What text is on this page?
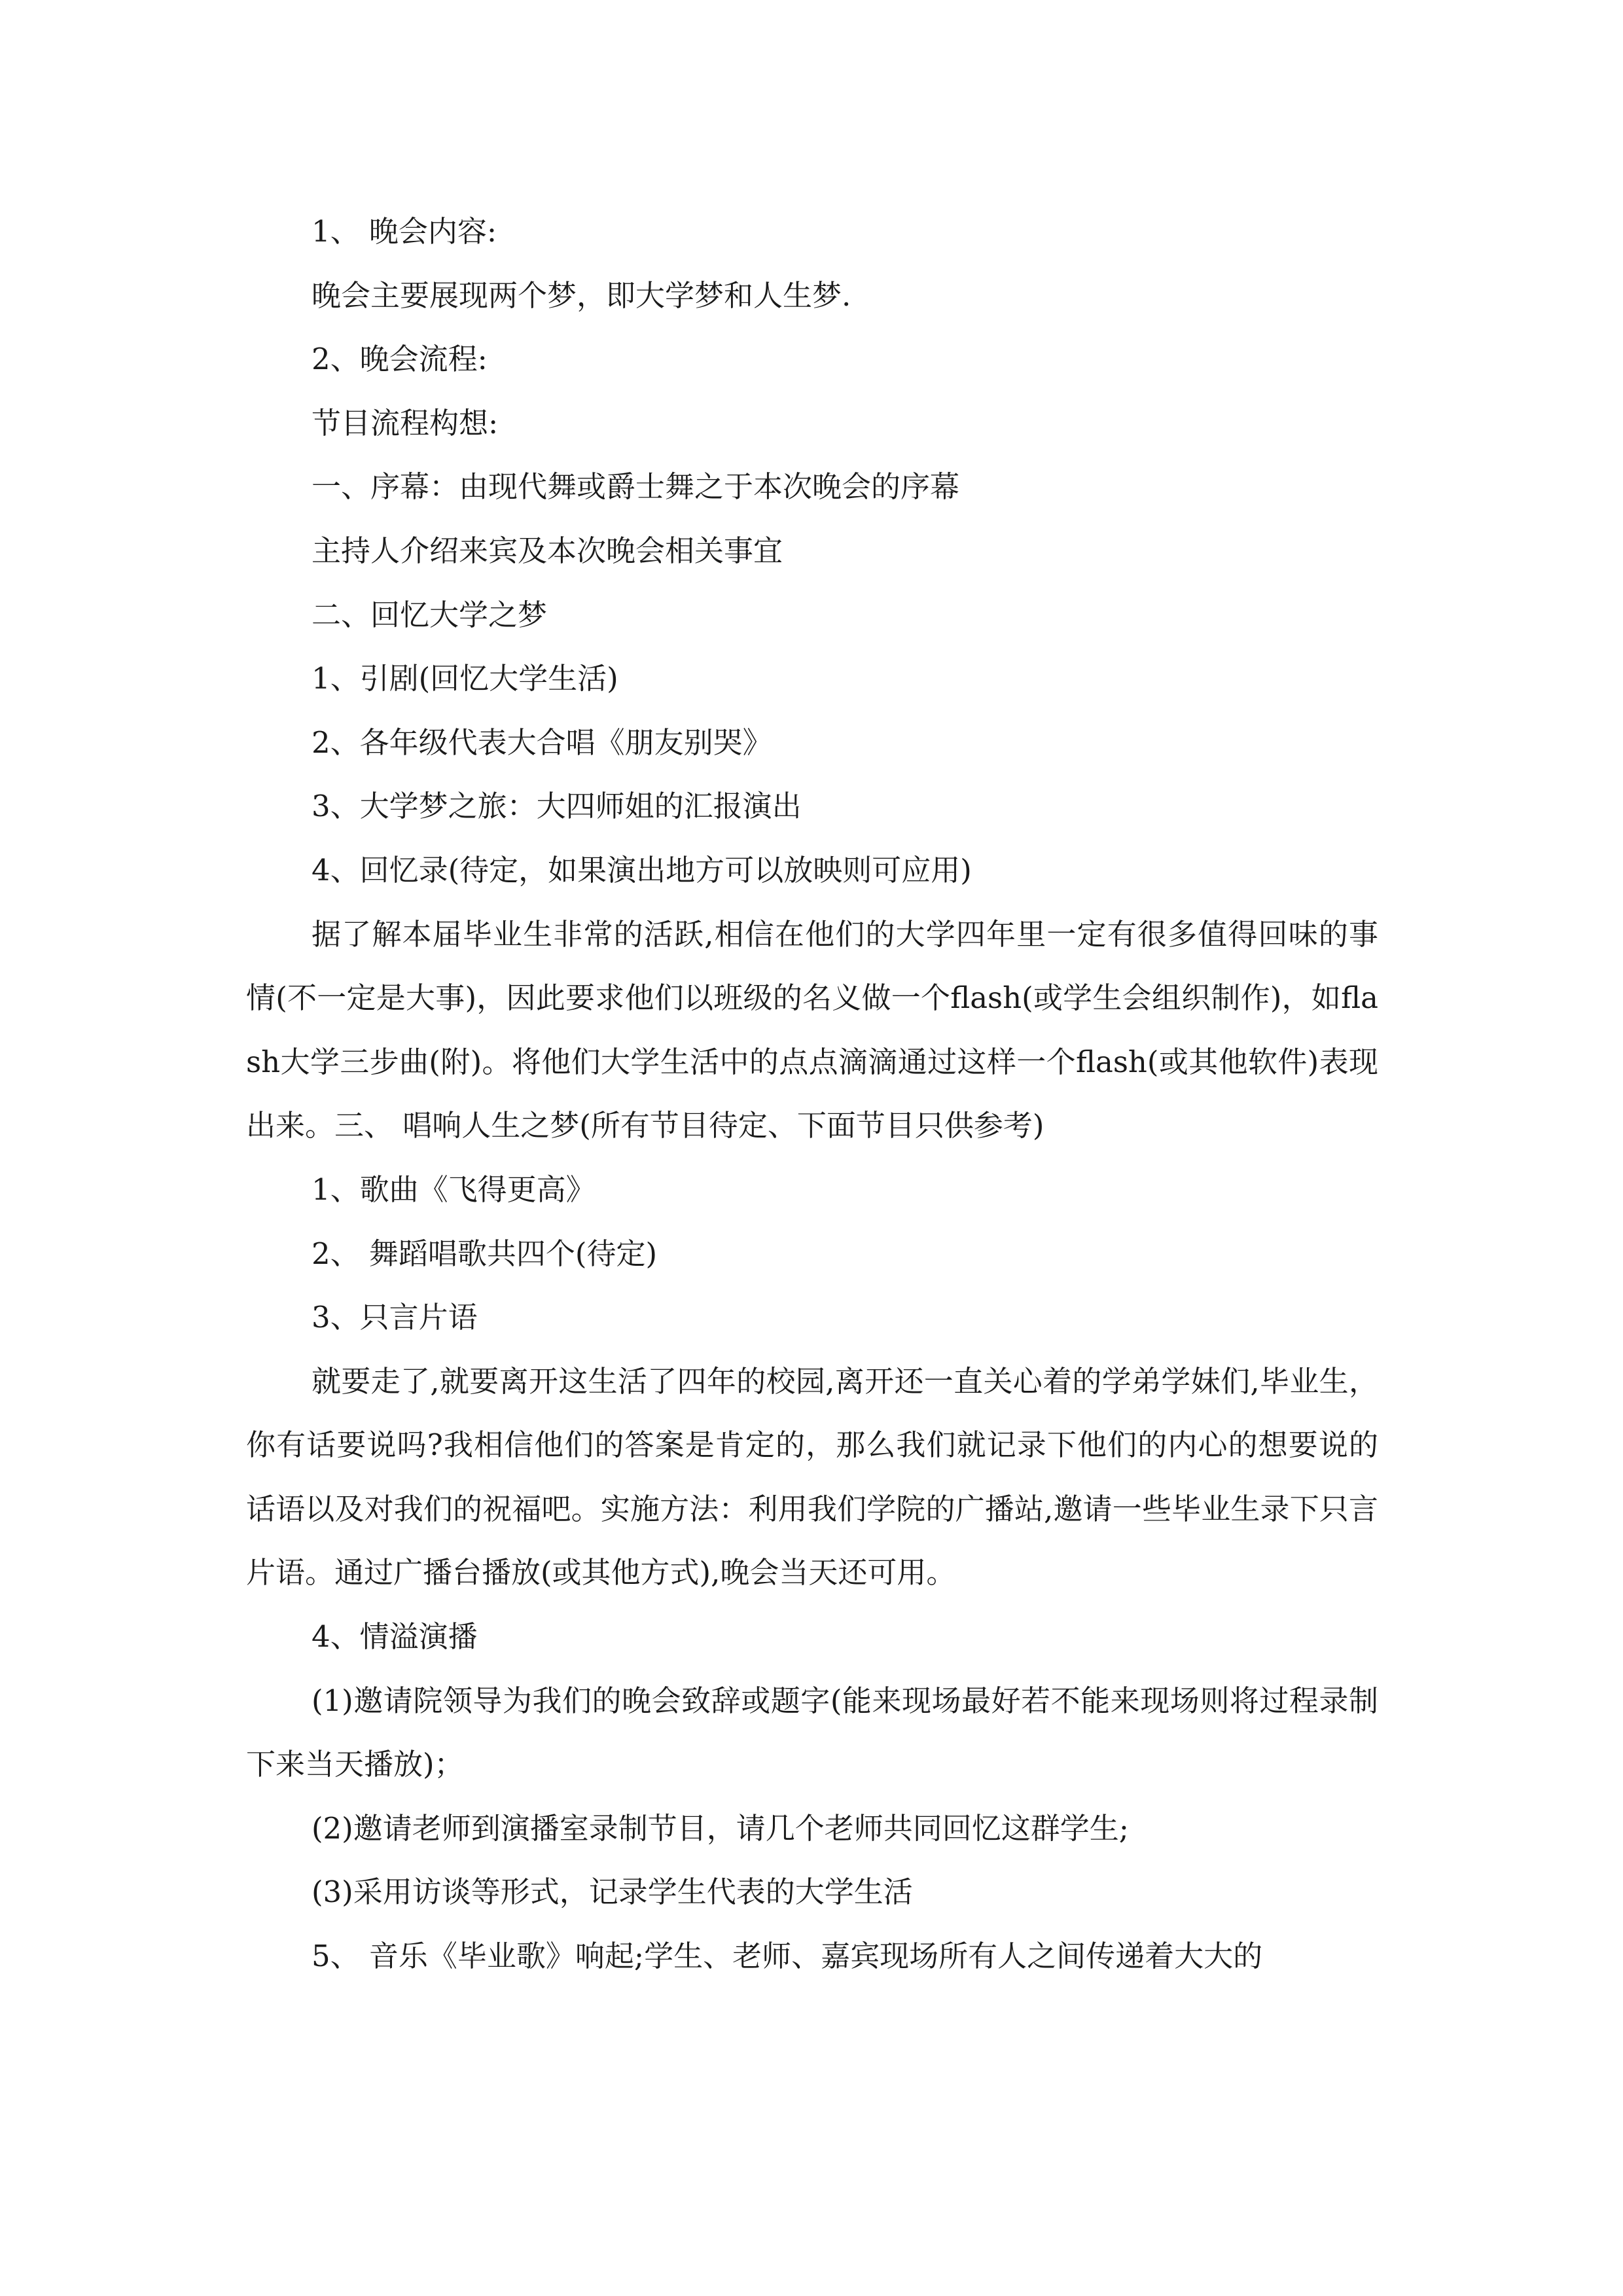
1、 晚会内容:
晚会主要展现两个梦，即大学梦和人生梦.
2、晚会流程:
节目流程构想:
一、序幕：由现代舞或爵士舞之于本次晚会的序幕
主持人介绍来宾及本次晚会相关事宜
二、回忆大学之梦
1、引剧(回忆大学生活)
2、各年级代表大合唱《朋友别哭》
3、大学梦之旅：大四师姐的汇报演出
4、回忆录(待定，如果演出地方可以放映则可应用)
据了解本届毕业生非常的活跃,相信在他们的大学四年里一定有很多值得回味的事情(不一定是大事)，因此要求他们以班级的名义做一个flash(或学生会组织制作)，如flash大学三步曲(附)。将他们大学生活中的点点滴滴通过这样一个flash(或其他软件)表现出来。三、 唱响人生之梦(所有节目待定、下面节目只供参考)
1、歌曲《飞得更高》
2、 舞蹈唱歌共四个(待定)
3、只言片语
就要走了,就要离开这生活了四年的校园,离开还一直关心着的学弟学妹们,毕业生，你有话要说吗?我相信他们的答案是肯定的，那么我们就记录下他们的内心的想要说的话语以及对我们的祝福吧。实施方法：利用我们学院的广播站,邀请一些毕业生录下只言片语。通过广播台播放(或其他方式),晚会当天还可用。
4、情溢演播
(1)邀请院领导为我们的晚会致辞或题字(能来现场最好若不能来现场则将过程录制下来当天播放)；
(2)邀请老师到演播室录制节目，请几个老师共同回忆这群学生;
(3)采用访谈等形式，记录学生代表的大学生活
5、 音乐《毕业歌》响起;学生、老师、嘉宾现场所有人之间传递着大大的
